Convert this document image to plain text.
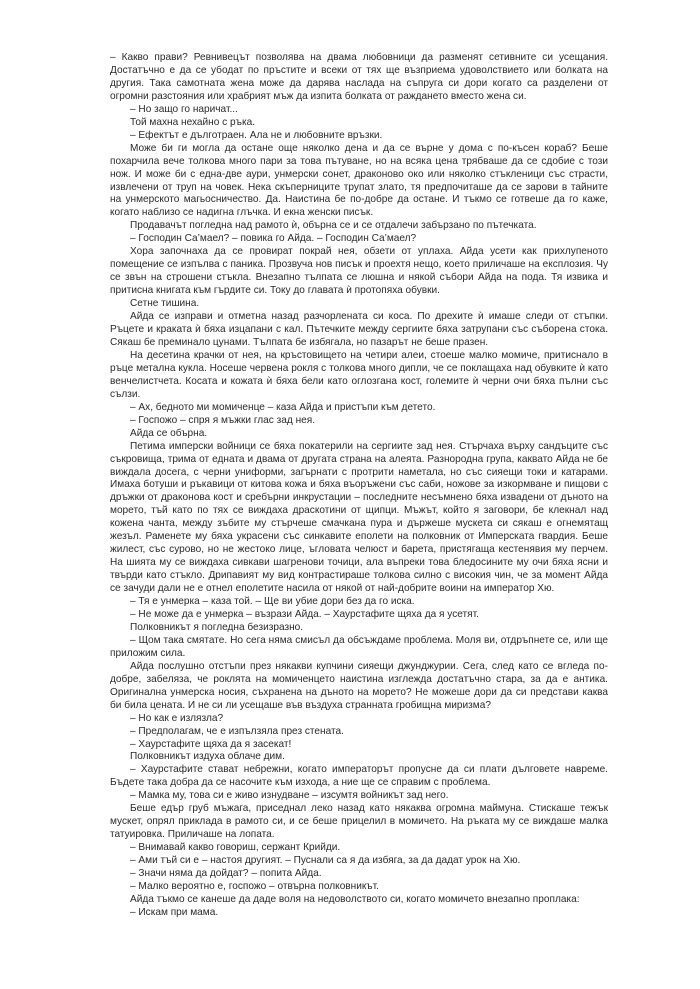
– Какво прави? Ревнивецът позволява на двама любовници да разменят сетивните си усещания. Достатъчно е да се убодат по пръстите и всеки от тях ще възприема удоволствието или болката на другия. Така самотната жена може да дарява наслада на съпруга си дори когато са разделени от огромни разстояния или храбрият мъж да изпита болката от раждането вместо жена си.

– Но защо го наричат...

Той махна нехайно с ръка.

– Ефектът е дълготраен. Ала не и любовните връзки.

Може би ги могла да остане още няколко дена и да се върне у дома с по-късен кораб? Беше похарчила вече толкова много пари за това пътуване, но на всяка цена трябваше да се сдобие с този нож. И може би с една-две аури, унмерски сонет, драконово око или няколко стъкленици със страсти, извлечени от труп на човек. Нека скъперниците трупат злато, тя предпочиташе да се зарови в тайните на унмерското магьосничество. Да. Наистина бе по-добре да остане. И тъкмо се готвеше да го каже, когато наблизо се надигна глъчка. И екна женски писък.

Продавачът погледна над рамото ѝ, обърна се и се отдалечи забързано по пътечката.

– Господин Са’маел? – повика го Айда. – Господин Са’маел?

Хора започнаха да се провират покрай нея, обзети от уплаха. Айда усети как прихлупеното помещение се изпълва с паника. Прозвуча нов писък и проехтя нещо, което приличаше на експлозия. Чу се звън на строшени стъкла. Внезапно тълпата се люшна и някой събори Айда на пода. Тя извика и притисна книгата към гърдите си. Току до главата ѝ протопяха обувки.

Сетне тишина.

Айда се изправи и отметна назад разчорлената си коса. По дрехите ѝ имаше следи от стъпки. Ръцете и краката ѝ бяха изцапани с кал. Пътечките между сергиите бяха затрупани със съборена стока. Сякаш бе преминало цунами. Тълпата бе избягала, но пазарът не беше празен.

На десетина крачки от нея, на кръстовището на четири алеи, стоеше малко момиче, притиснало в ръце метална кукла. Носеше червена рокля с толкова много дипли, че се поклащаха над обувките ѝ като венчелистчета. Косата и кожата ѝ бяха бели като оглозгана кост, големите ѝ черни очи бяха пълни със сълзи.

– Ах, бедното ми момиченце – каза Айда и пристъпи към детето.

– Госпожо – спря я мъжки глас зад нея.

Айда се обърна.

Петима имперски войници се бяха покатерили на сергиите зад нея. Стърчаха върху сандъците със съкровища, трима от едната и двама от другата страна на алеята. Разнородна група, каквато Айда не бе виждала досега, с черни униформи, загърнати с протрити наметала, но със сияещи токи и катарами. Имаха ботуши и ръкавици от китова кожа и бяха въоръжени със саби, ножове за изкормване и пищови с дръжки от драконова кост и сребърни инкрустации – последните несъмнено бяха извадени от дъното на морето, тъй като по тях се виждаха драскотини от щипци. Мъжът, който я заговори, бе клекнал над кожена чанта, между зъбите му стърчеше смачкана пура и държеше мускета си сякаш е огнемятащ жезъл. Раменете му бяха украсени със синкавите еполети на полковник от Имперската гвардия. Беше жилест, със сурово, но не жестоко лице, ъгловата челюст и барета, пристягаща кестенявия му перчем. На шията му се виждаха сивкави шагренови точици, ала въпреки това бледосините му очи бяха ясни и твърди като стъкло. Дрипавият му вид контрастираше толкова силно с високия чин, че за момент Айда се зачуди дали не е отнел еполетите насила от някой от най-добрите воини на император Хю.

– Тя е унмерка – каза той. – Ще ви убие дори без да го иска.

– Не може да е унмерка – възрази Айда. – Хаурстафите щяха да я усетят.

Полковникът я погледна безизразно.

– Щом така смятате. Но сега няма смисъл да обсъждаме проблема. Моля ви, отдръпнете се, или ще приложим сила.

Айда послушно отстъпи през някакви купчини сияещи джунджурии. Сега, след като се вгледа по-добре, забеляза, че роклята на момиченцето наистина изглежда достатъчно стара, за да е антика. Оригинална унмерска носия, съхранена на дъното на морето? Не можеше дори да си представи каква би била цената. И не си ли усещаше във въздуха странната гробищна миризма?

– Но как е излязла?

– Предполагам, че е изпълзяла през стената.

– Хаурстафите щяха да я засекат!

Полковникът издуха облаче дим.

– Хаурстафите стават небрежни, когато императорът пропусне да си плати дълговете навреме. Бъдете така добра да се насочите към изхода, а ние ще се справим с проблема.

– Мамка му, това си е живо изнудване – изсумтя войникът зад него.

Беше едър груб мъжага, приседнал леко назад като някаква огромна маймуна. Стискаше тежък мускет, опрял приклада в рамото си, и се беше прицелил в момичето. На ръката му се виждаше малка татуировка. Приличаше на лопата.

– Внимавай какво говориш, сержант Крийди.

– Ами тъй си е – настоя другият. – Пуснали са я да избяга, за да дадат урок на Хю.

– Значи няма да дойдат? – попита Айда.

– Малко вероятно е, госпожо – отвърна полковникът.

Айда тъкмо се канеше да даде воля на недоволството си, когато момичето внезапно проплака:

– Искам при мама.
